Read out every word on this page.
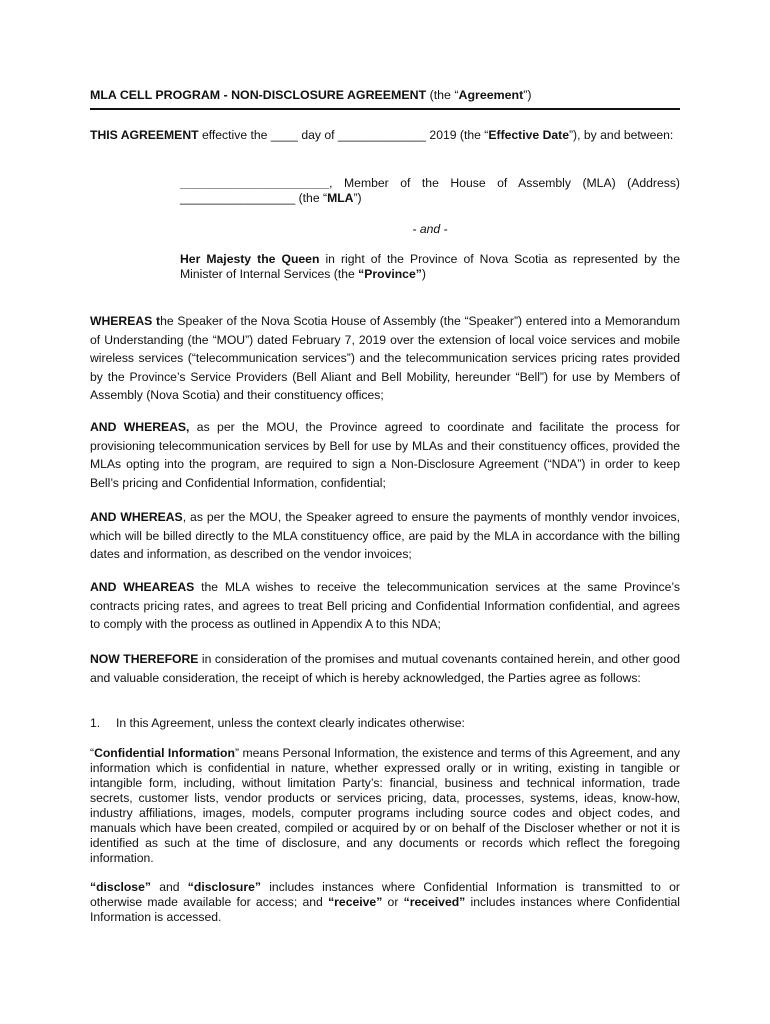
MLA CELL PROGRAM - NON-DISCLOSURE AGREEMENT (the “Agreement”)

THIS AGREEMENT effective the ____ day of _____________ 2019 (the “Effective Date”), by and between:

______________________, Member of the House of Assembly (MLA) (Address) _________________ (the “MLA”)

- and -

Her Majesty the Queen in right of the Province of Nova Scotia as represented by the Minister of Internal Services (the “Province”)

WHEREAS the Speaker of the Nova Scotia House of Assembly (the “Speaker”) entered into a Memorandum of Understanding (the “MOU”) dated February 7, 2019 over the extension of local voice services and mobile wireless services (“telecommunication services”) and the telecommunication services pricing rates provided by the Province’s Service Providers (Bell Aliant and Bell Mobility, hereunder “Bell”) for use by Members of Assembly (Nova Scotia) and their constituency offices;

AND WHEREAS, as per the MOU, the Province agreed to coordinate and facilitate the process for provisioning telecommunication services by Bell for use by MLAs and their constituency offices, provided the MLAs opting into the program, are required to sign a Non-Disclosure Agreement (“NDA”) in order to keep Bell’s pricing and Confidential Information, confidential;

AND WHEREAS, as per the MOU, the Speaker agreed to ensure the payments of monthly vendor invoices, which will be billed directly to the MLA constituency office, are paid by the MLA in accordance with the billing dates and information, as described on the vendor invoices;

AND WHEAREAS the MLA wishes to receive the telecommunication services at the same Province’s contracts pricing rates, and agrees to treat Bell pricing and Confidential Information confidential, and agrees to comply with the process as outlined in Appendix A to this NDA;

NOW THEREFORE in consideration of the promises and mutual covenants contained herein, and other good and valuable consideration, the receipt of which is hereby acknowledged, the Parties agree as follows:

1. In this Agreement, unless the context clearly indicates otherwise:

“Confidential Information” means Personal Information, the existence and terms of this Agreement, and any information which is confidential in nature, whether expressed orally or in writing, existing in tangible or intangible form, including, without limitation Party’s: financial, business and technical information, trade secrets, customer lists, vendor products or services pricing, data, processes, systems, ideas, know-how, industry affiliations, images, models, computer programs including source codes and object codes, and manuals which have been created, compiled or acquired by or on behalf of the Discloser whether or not it is identified as such at the time of disclosure, and any documents or records which reflect the foregoing information.

“disclose” and “disclosure” includes instances where Confidential Information is transmitted to or otherwise made available for access; and “receive” or “received” includes instances where Confidential Information is accessed.
